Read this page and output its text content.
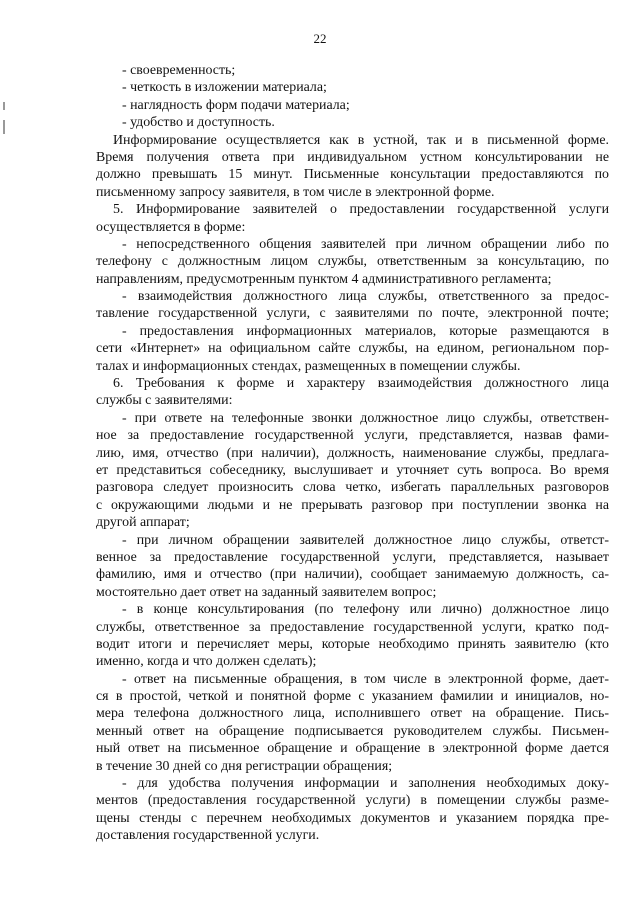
22
- своевременность;
- четкость в изложении материала;
- наглядность форм подачи материала;
- удобство и доступность.
Информирование осуществляется как в устной, так и в письменной форме.
Время получения ответа при индивидуальном устном консультировании не
должно превышать 15 минут. Письменные консультации предоставляются по
письменному запросу заявителя, в том числе в электронной форме.
5. Информирование заявителей о предоставлении государственной услуги
осуществляется в форме:
- непосредственного общения заявителей при личном обращении либо по
телефону с должностным лицом службы, ответственным за консультацию, по
направлениям, предусмотренным пунктом 4 административного регламента;
- взаимодействия должностного лица службы, ответственного за предос-
тавление государственной услуги, с заявителями по почте, электронной почте;
- предоставления информационных материалов, которые размещаются в
сети «Интернет» на официальном сайте службы, на едином, региональном пор-
талах и информационных стендах, размещенных в помещении службы.
6. Требования к форме и характеру взаимодействия должностного лица
службы с заявителями:
- при ответе на телефонные звонки должностное лицо службы, ответствен-
ное за предоставление государственной услуги, представляется, назвав фами-
лию, имя, отчество (при наличии), должность, наименование службы, предлага-
ет представиться собеседнику, выслушивает и уточняет суть вопроса. Во время
разговора следует произносить слова четко, избегать параллельных разговоров
с окружающими людьми и не прерывать разговор при поступлении звонка на
другой аппарат;
- при личном обращении заявителей должностное лицо службы, ответст-
венное за предоставление государственной услуги, представляется, называет
фамилию, имя и отчество (при наличии), сообщает занимаемую должность, са-
мостоятельно дает ответ на заданный заявителем вопрос;
- в конце консультирования (по телефону или лично) должностное лицо
службы, ответственное за предоставление государственной услуги, кратко под-
водит итоги и перечисляет меры, которые необходимо принять заявителю (кто
именно, когда и что должен сделать);
- ответ на письменные обращения, в том числе в электронной форме, дает-
ся в простой, четкой и понятной форме с указанием фамилии и инициалов, но-
мера телефона должностного лица, исполнившего ответ на обращение. Пись-
менный ответ на обращение подписывается руководителем службы. Письмен-
ный ответ на письменное обращение и обращение в электронной форме дается
в течение 30 дней со дня регистрации обращения;
- для удобства получения информации и заполнения необходимых доку-
ментов (предоставления государственной услуги) в помещении службы разме-
щены стенды с перечнем необходимых документов и указанием порядка пре-
доставления государственной услуги.
